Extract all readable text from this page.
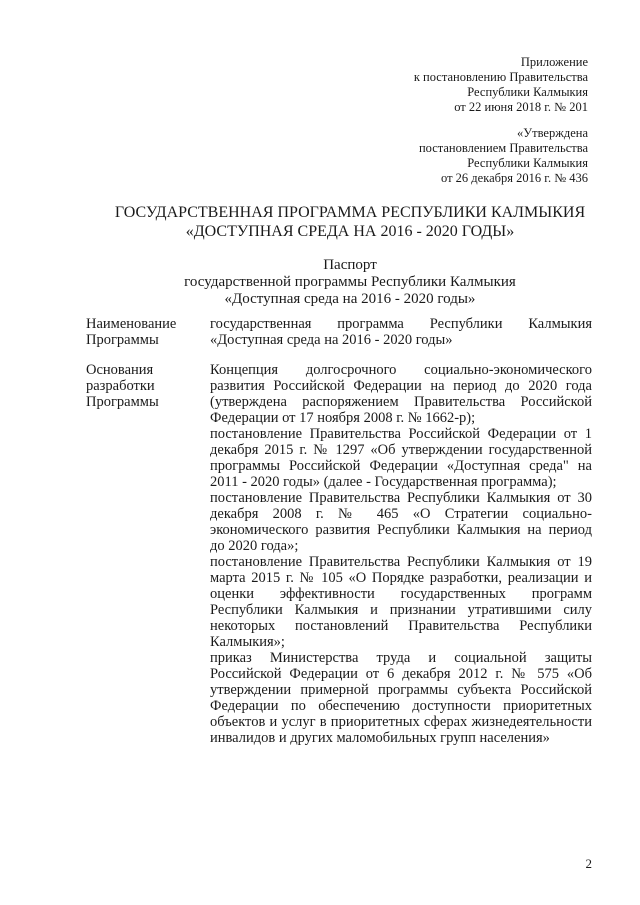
Приложение
к постановлению Правительства
Республики Калмыкия
от 22 июня 2018 г. № 201
«Утверждена
постановлением Правительства
Республики Калмыкия
от 26 декабря 2016 г. № 436
ГОСУДАРСТВЕННАЯ ПРОГРАММА РЕСПУБЛИКИ КАЛМЫКИЯ
«ДОСТУПНАЯ СРЕДА НА 2016 - 2020 ГОДЫ»
Паспорт
государственной программы Республики Калмыкия
«Доступная среда на 2016 - 2020 годы»
Наименование Программы

государственная программа Республики Калмыкия «Доступная среда на 2016 - 2020 годы»

Основания разработки Программы

Концепция долгосрочного социально-экономического развития Российской Федерации на период до 2020 года (утверждена распоряжением Правительства Российской Федерации от 17 ноября 2008 г. № 1662-р);

постановление Правительства Российской Федерации от 1 декабря 2015 г. № 1297 «Об утверждении государственной программы Российской Федерации «Доступная среда" на 2011 - 2020 годы» (далее - Государственная программа);

постановление Правительства Республики Калмыкия от 30 декабря 2008 г. № 465 «О Стратегии социально-экономического развития Республики Калмыкия на период до 2020 года»;

постановление Правительства Республики Калмыкия от 19 марта 2015 г. № 105 «О Порядке разработки, реализации и оценки эффективности государственных программ Республики Калмыкия и признании утратившими силу некоторых постановлений Правительства Республики Калмыкия»;

приказ Министерства труда и социальной защиты Российской Федерации от 6 декабря 2012 г. № 575 «Об утверждении примерной программы субъекта Российской Федерации по обеспечению доступности приоритетных объектов и услуг в приоритетных сферах жизнедеятельности инвалидов и других маломобильных групп населения»

2
